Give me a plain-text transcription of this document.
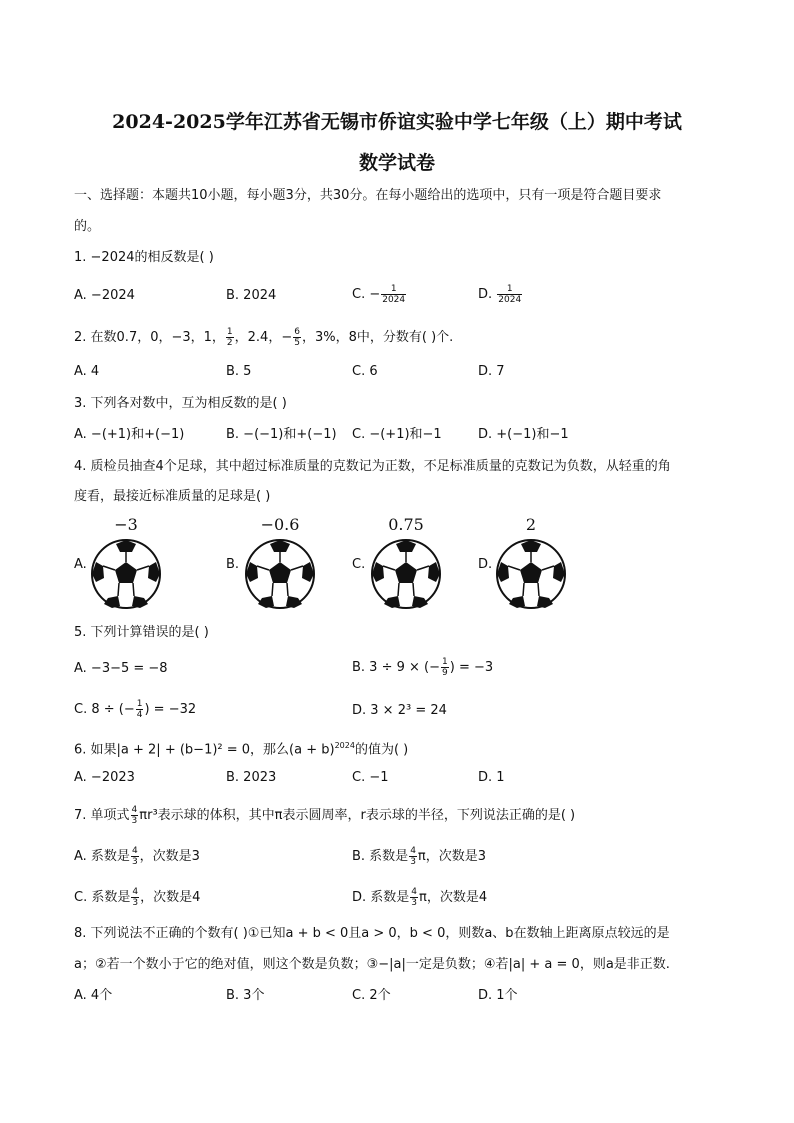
2024-2025学年江苏省无锡市侨谊实验中学七年级（上）期中考试
数学试卷
一、选择题：本题共10小题，每小题3分，共30分。在每小题给出的选项中，只有一项是符合题目要求
的。
1. −2024的相反数是( )
A. −2024	B. 2024	C. − $\frac{1}{2024}$	D. $\frac{1}{2024}$
2. 在数0.7，0，−3，1， $\frac{1}{2}$ ，2.4̇，− $\frac{6}{5}$ ，3%，8中，分数有( )个.
A. 4	B. 5	C. 6	D. 7
3. 下列各对数中，互为相反数的是( )
A. −(+1)和+(−1)	B. −(−1)和+(−1) C. −(+1)和−1	D. +(−1)和−1
4. 质检员抽查4个足球，其中超过标准质量的克数记为正数，不足标准质量的克数记为负数，从轻重的角
度看，最接近标准质量的足球是( )
−3
A.
−0.6
B.
0.75
C.
2
D.
5. 下列计算错误的是( )
A. −3−5 = −8	B. 3 ÷ 9 × (− $\frac{1}{9}$ ) = −3
C. 8 ÷ (− $\frac{1}{4}$ ) = −32	D. 3 × 2³ = 24
6. 如果|a + 2| + (b−1)² = 0，那么$(a + b)^{2024}$的值为( )
A. −2023	B. 2023	C. −1	D. 1
7. 单项式 $\frac{4}{3} \pi r^3$表示球的体积，其中π表示圆周率，r表示球的半径，下列说法正确的是( )
A. 系数是 $\frac{4}{3}$ ，次数是3	B. 系数是 $\frac{4}{3}$ π，次数是3
C. 系数是 $\frac{4}{3}$ ，次数是4	D. 系数是 $\frac{4}{3}$ π，次数是4
8. 下列说法不正确的个数有( )①已知a + b < 0且a > 0，b < 0，则数a、b在数轴上距离原点较远的是
a；②若一个数小于它的绝对值，则这个数是负数；③−|a|一定是负数；④若|a| + a = 0，则a是非正数.
A. 4个	B. 3个	C. 2个	D. 1个
